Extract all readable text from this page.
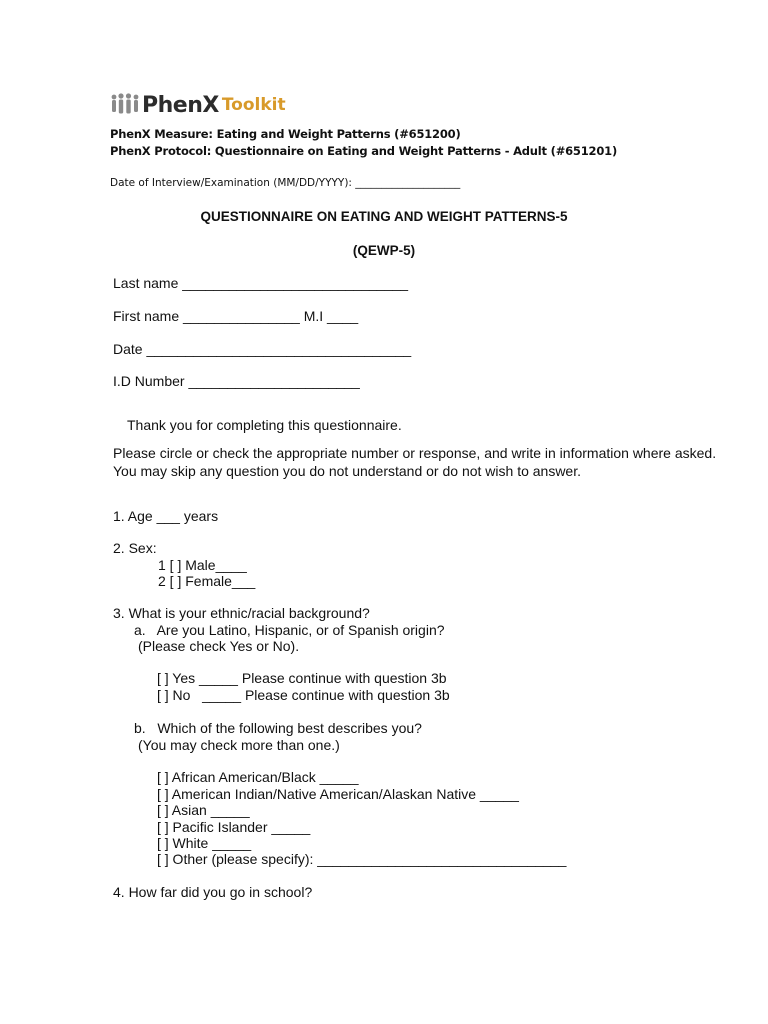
PhenX Toolkit
PhenX Measure: Eating and Weight Patterns (#651200)
PhenX Protocol: Questionnaire on Eating and Weight Patterns - Adult (#651201)
Date of Interview/Examination (MM/DD/YYYY): ____________________
QUESTIONNAIRE ON EATING AND WEIGHT PATTERNS-5
(QEWP-5)
Last name _____________________________
First name _______________ M.I ____
Date __________________________________
I.D Number ______________________
Thank you for completing this questionnaire.
Please circle or check the appropriate number or response, and write in information where asked.
You may skip any question you do not understand or do not wish to answer.
1. Age ___ years
2. Sex:
1 [ ] Male____
2 [ ] Female___
3. What is your ethnic/racial background?
a.   Are you Latino, Hispanic, or of Spanish origin?
(Please check Yes or No).
[ ] Yes _____ Please continue with question 3b
[ ] No   _____ Please continue with question 3b
b.   Which of the following best describes you?
(You may check more than one.)
[ ] African American/Black _____
[ ] American Indian/Native American/Alaskan Native _____
[ ] Asian _____
[ ] Pacific Islander _____
[ ] White _____
[ ] Other (please specify): ________________________________
4. How far did you go in school?
